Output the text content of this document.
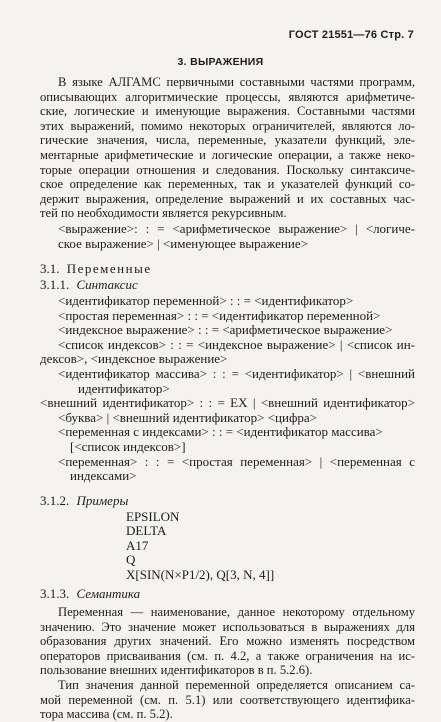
ГОСТ 21551—76 Стр. 7
3. ВЫРАЖЕНИЯ
В языке АЛГАМС первичными составными частями программ,
описывающих алгоритмические процессы, являются арифметиче-
ские, логические и именующие выражения. Составными частями
этих выражений, помимо некоторых ограничителей, являются ло-
гические значения, числа, переменные, указатели функций, эле-
ментарные арифметические и логические операции, а также неко-
торые операции отношения и следования. Поскольку синтаксиче-
ское определение как переменных, так и указателей функций со-
держит выражения, определение выражений и их составных час-
тей по необходимости является рекурсивным.
<выражение>: : = <арифметическое выражение> | <логиче-
ское выражение> | <именующее выражение>
3.1. Переменные
3.1.1. Синтаксис
<идентификатор переменной> : : = <идентификатор>
<простая переменная> : : = <идентификатор переменной>
<индексное выражение> : : = <арифметическое выражение>
<список индексов> : : = <индексное выражение> | <список ин-
дексов>, <индексное выражение>
<идентификатор массива> : : = <идентификатор> | <внешний
идентификатор>
<внешний идентификатор> : : = EX | <внешний идентификатор>
<буква> | <внешний идентификатор> <цифра>
<переменная с индексами> : : = <идентификатор массива>
[<список индексов>]
<переменная> : : = <простая переменная> | <переменная с
индексами>
3.1.2. Примеры
EPSILON
DELTA
A17
Q
X[SIN(N×P1/2), Q[3, N, 4]]
3.1.3. Семантика
Переменная — наименование, данное некоторому отдельному
значению. Это значение может использоваться в выражениях для
образования других значений. Его можно изменять посредством
операторов присваивания (см. п. 4.2, а также ограничения на ис-
пользование внешних идентификаторов в п. 5.2.6).
Тип значения данной переменной определяется описанием са-
мой переменной (см. п. 5.1) или соответствующего идентифика-
тора массива (см. п. 5.2).
